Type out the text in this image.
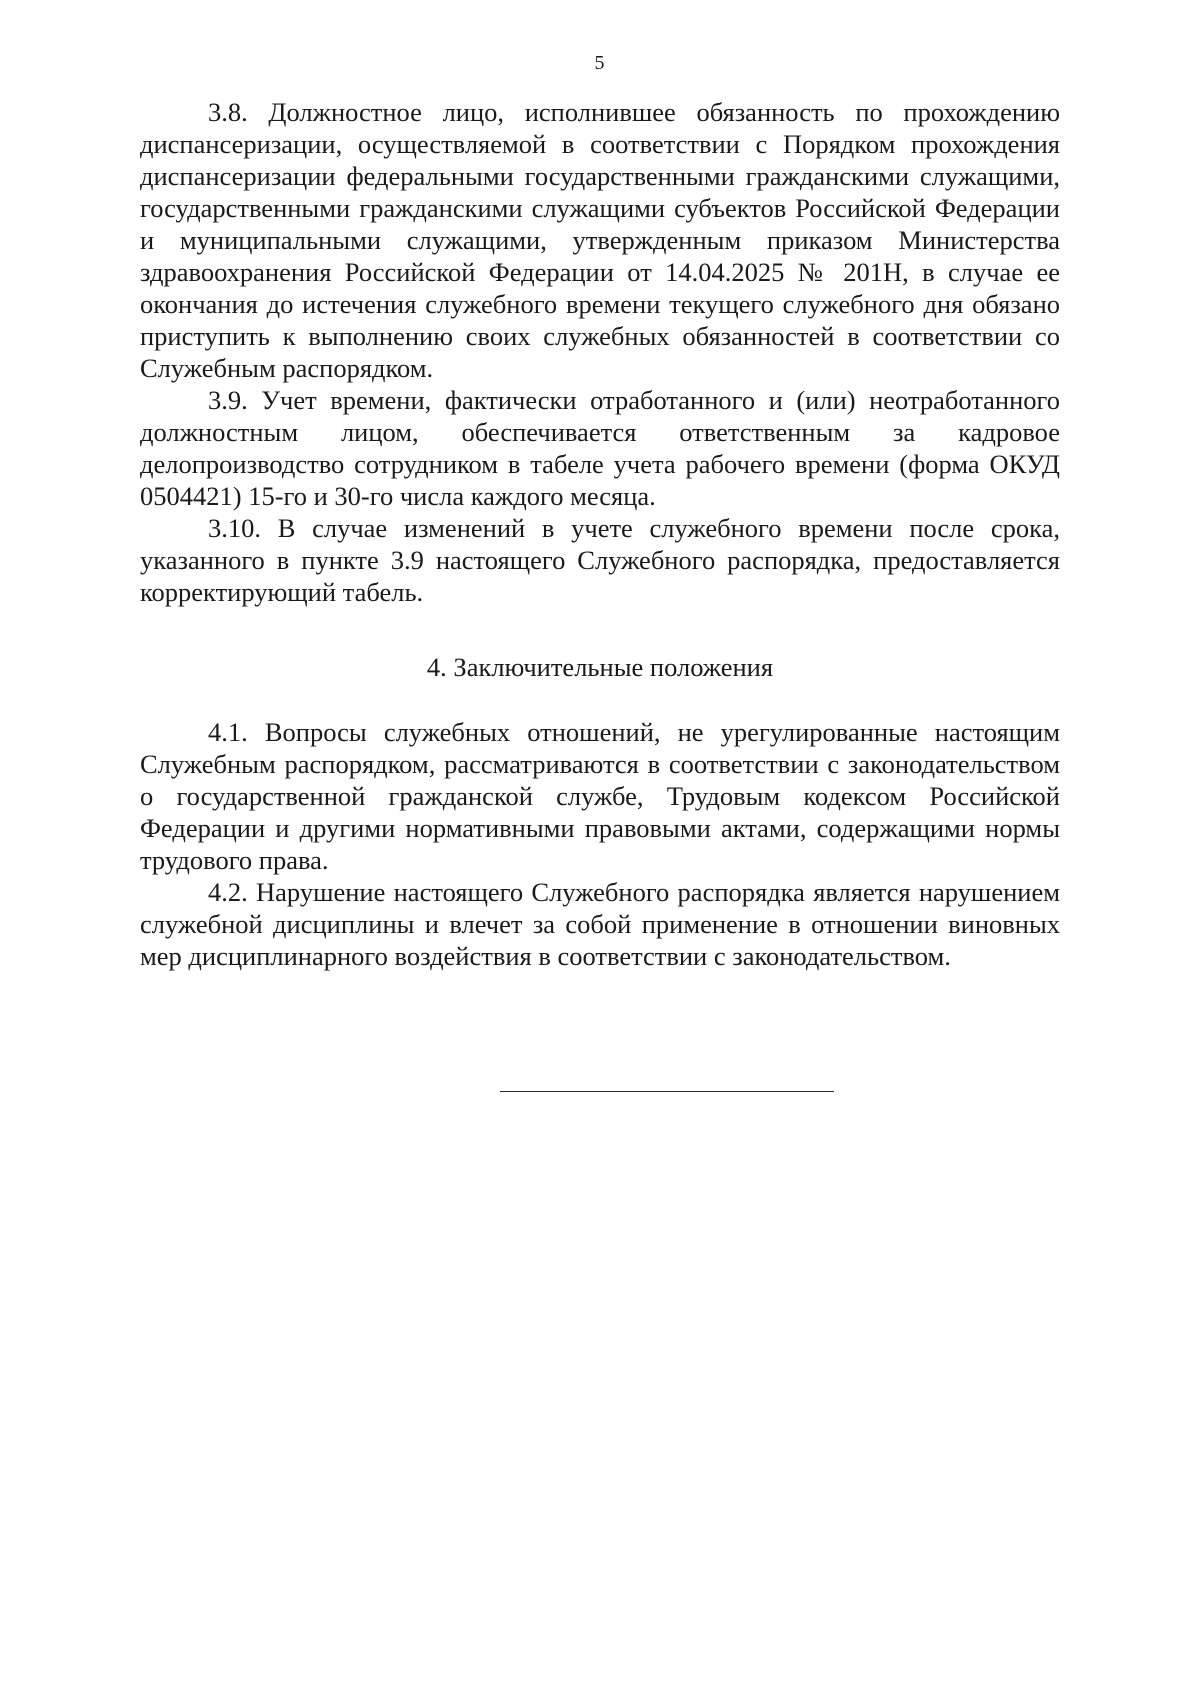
5

3.8. Должностное лицо, исполнившее обязанность по прохождению диспансеризации, осуществляемой в соответствии с Порядком прохождения диспансеризации федеральными государственными гражданскими служащими, государственными гражданскими служащими субъектов Российской Федерации и муниципальными служащими, утвержденным приказом Министерства здравоохранения Российской Федерации от 14.04.2025 № 201Н, в случае ее окончания до истечения служебного времени текущего служебного дня обязано приступить к выполнению своих служебных обязанностей в соответствии со Служебным распорядком.

3.9. Учет времени, фактически отработанного и (или) неотработанного должностным лицом, обеспечивается ответственным за кадровое делопроизводство сотрудником в табеле учета рабочего времени (форма ОКУД 0504421) 15-го и 30-го числа каждого месяца.

3.10. В случае изменений в учете служебного времени после срока, указанного в пункте 3.9 настоящего Служебного распорядка, предоставляется корректирующий табель.

4. Заключительные положения

4.1. Вопросы служебных отношений, не урегулированные настоящим Служебным распорядком, рассматриваются в соответствии с законодательством о государственной гражданской службе, Трудовым кодексом Российской Федерации и другими нормативными правовыми актами, содержащими нормы трудового права.

4.2. Нарушение настоящего Служебного распорядка является нарушением служебной дисциплины и влечет за собой применение в отношении виновных мер дисциплинарного воздействия в соответствии с законодательством.
